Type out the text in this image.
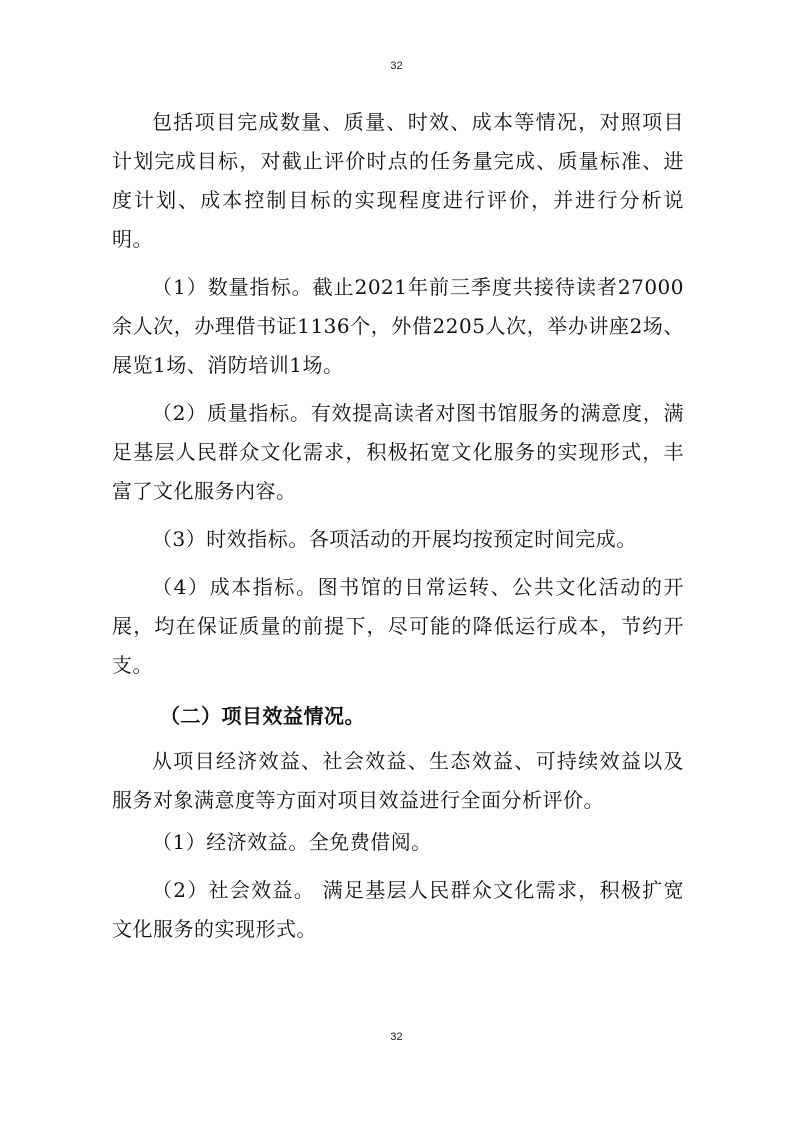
32

包括项目完成数量、质量、时效、成本等情况，对照项目计划完成目标，对截止评价时点的任务量完成、质量标准、进度计划、成本控制目标的实现程度进行评价，并进行分析说明。

（1）数量指标。截止2021年前三季度共接待读者27000余人次，办理借书证1136个，外借2205人次，举办讲座2场、展览1场、消防培训1场。

（2）质量指标。有效提高读者对图书馆服务的满意度，满足基层人民群众文化需求，积极拓宽文化服务的实现形式，丰富了文化服务内容。

（3）时效指标。各项活动的开展均按预定时间完成。

（4）成本指标。图书馆的日常运转、公共文化活动的开展，均在保证质量的前提下，尽可能的降低运行成本，节约开支。

（二）项目效益情况。

从项目经济效益、社会效益、生态效益、可持续效益以及服务对象满意度等方面对项目效益进行全面分析评价。

（1）经济效益。全免费借阅。

（2）社会效益。 满足基层人民群众文化需求，积极扩宽文化服务的实现形式。

32
